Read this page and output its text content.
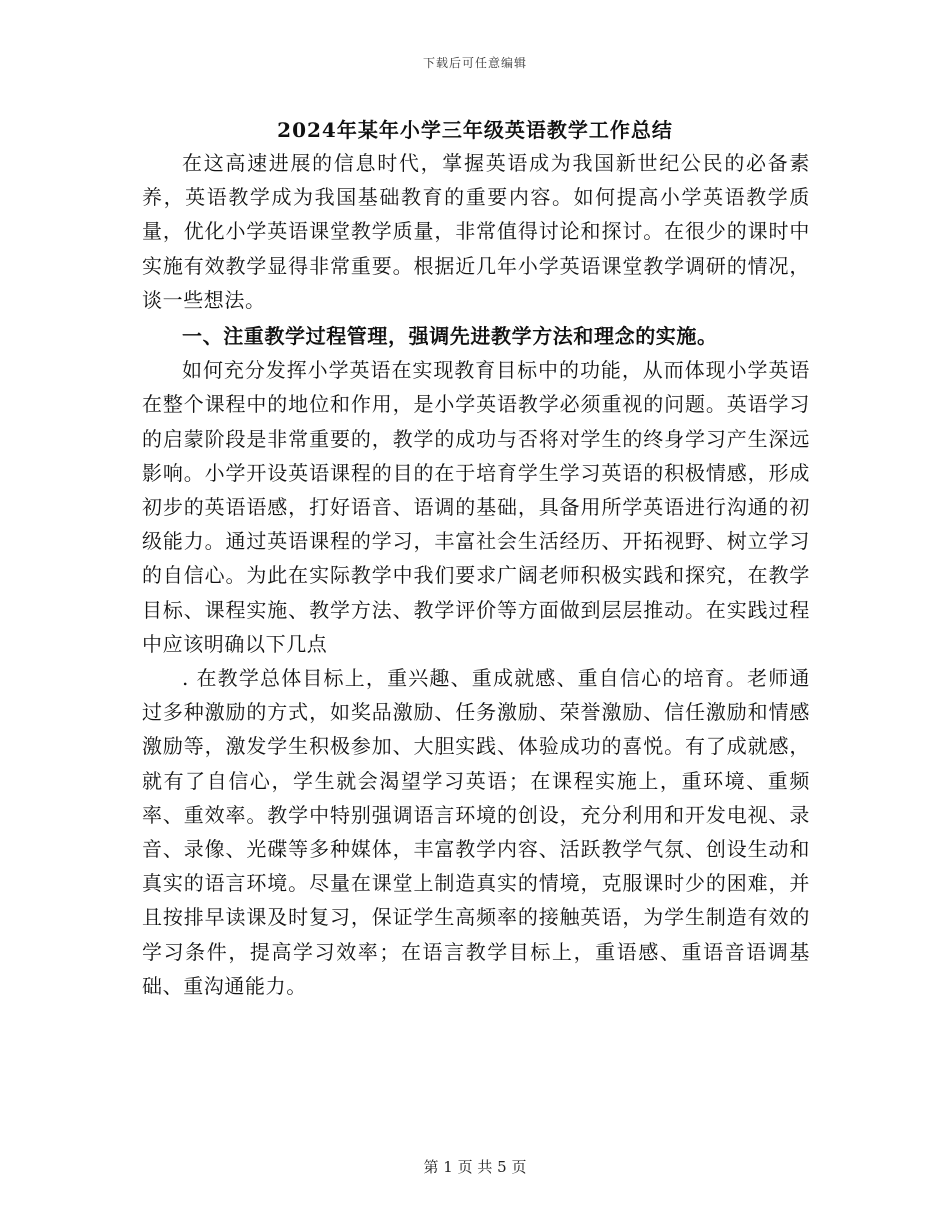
下载后可任意编辑
2024年某年小学三年级英语教学工作总结

在这高速进展的信息时代，掌握英语成为我国新世纪公民的必备素养，英语教学成为我国基础教育的重要内容。如何提高小学英语教学质量，优化小学英语课堂教学质量，非常值得讨论和探讨。在很少的课时中实施有效教学显得非常重要。根据近几年小学英语课堂教学调研的情况，谈一些想法。

一、注重教学过程管理，强调先进教学方法和理念的实施。

如何充分发挥小学英语在实现教育目标中的功能，从而体现小学英语在整个课程中的地位和作用，是小学英语教学必须重视的问题。英语学习的启蒙阶段是非常重要的，教学的成功与否将对学生的终身学习产生深远影响。小学开设英语课程的目的在于培育学生学习英语的积极情感，形成初步的英语语感，打好语音、语调的基础，具备用所学英语进行沟通的初级能力。通过英语课程的学习，丰富社会生活经历、开拓视野、树立学习的自信心。为此在实际教学中我们要求广阔老师积极实践和探究，在教学目标、课程实施、教学方法、教学评价等方面做到层层推动。在实践过程中应该明确以下几点

. 在教学总体目标上，重兴趣、重成就感、重自信心的培育。老师通过多种激励的方式，如奖品激励、任务激励、荣誉激励、信任激励和情感激励等，激发学生积极参加、大胆实践、体验成功的喜悦。有了成就感，就有了自信心，学生就会渴望学习英语；在课程实施上，重环境、重频率、重效率。教学中特别强调语言环境的创设，充分利用和开发电视、录音、录像、光碟等多种媒体，丰富教学内容、活跃教学气氛、创设生动和真实的语言环境。尽量在课堂上制造真实的情境，克服课时少的困难，并且按排早读课及时复习，保证学生高频率的接触英语，为学生制造有效的学习条件，提高学习效率；在语言教学目标上，重语感、重语音语调基础、重沟通能力。

第 1 页 共 5 页
